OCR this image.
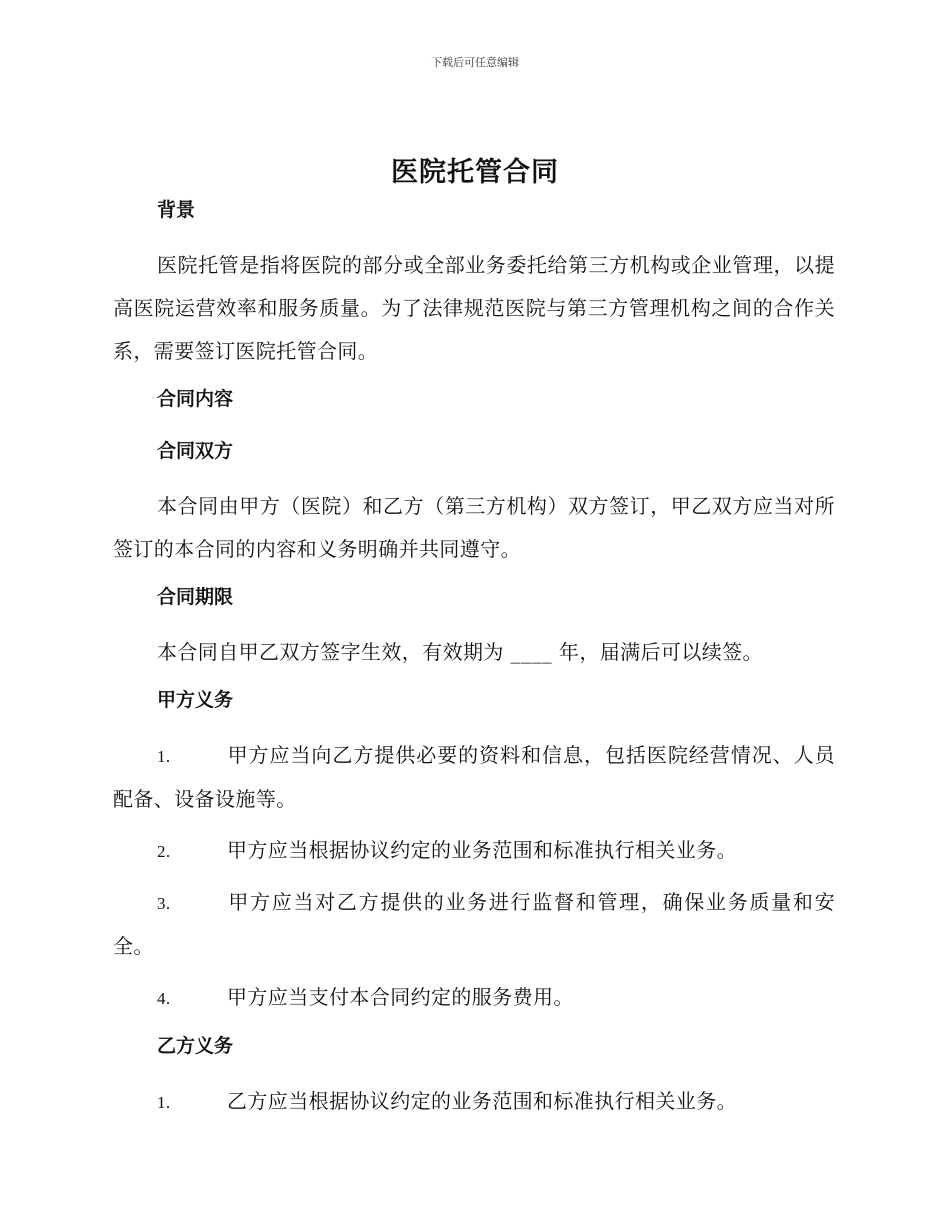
下载后可任意编辑
医院托管合同
背景
医院托管是指将医院的部分或全部业务委托给第三方机构或企业管理，以提高医院运营效率和服务质量。为了法律规范医院与第三方管理机构之间的合作关系，需要签订医院托管合同。
合同内容
合同双方
本合同由甲方（医院）和乙方（第三方机构）双方签订，甲乙双方应当对所签订的本合同的内容和义务明确并共同遵守。
合同期限
本合同自甲乙双方签字生效，有效期为 ____ 年，届满后可以续签。
甲方义务
1.	甲方应当向乙方提供必要的资料和信息，包括医院经营情况、人员配备、设备设施等。
2.	甲方应当根据协议约定的业务范围和标准执行相关业务。
3.	甲方应当对乙方提供的业务进行监督和管理，确保业务质量和安全。
4.	甲方应当支付本合同约定的服务费用。
乙方义务
1.	乙方应当根据协议约定的业务范围和标准执行相关业务。
